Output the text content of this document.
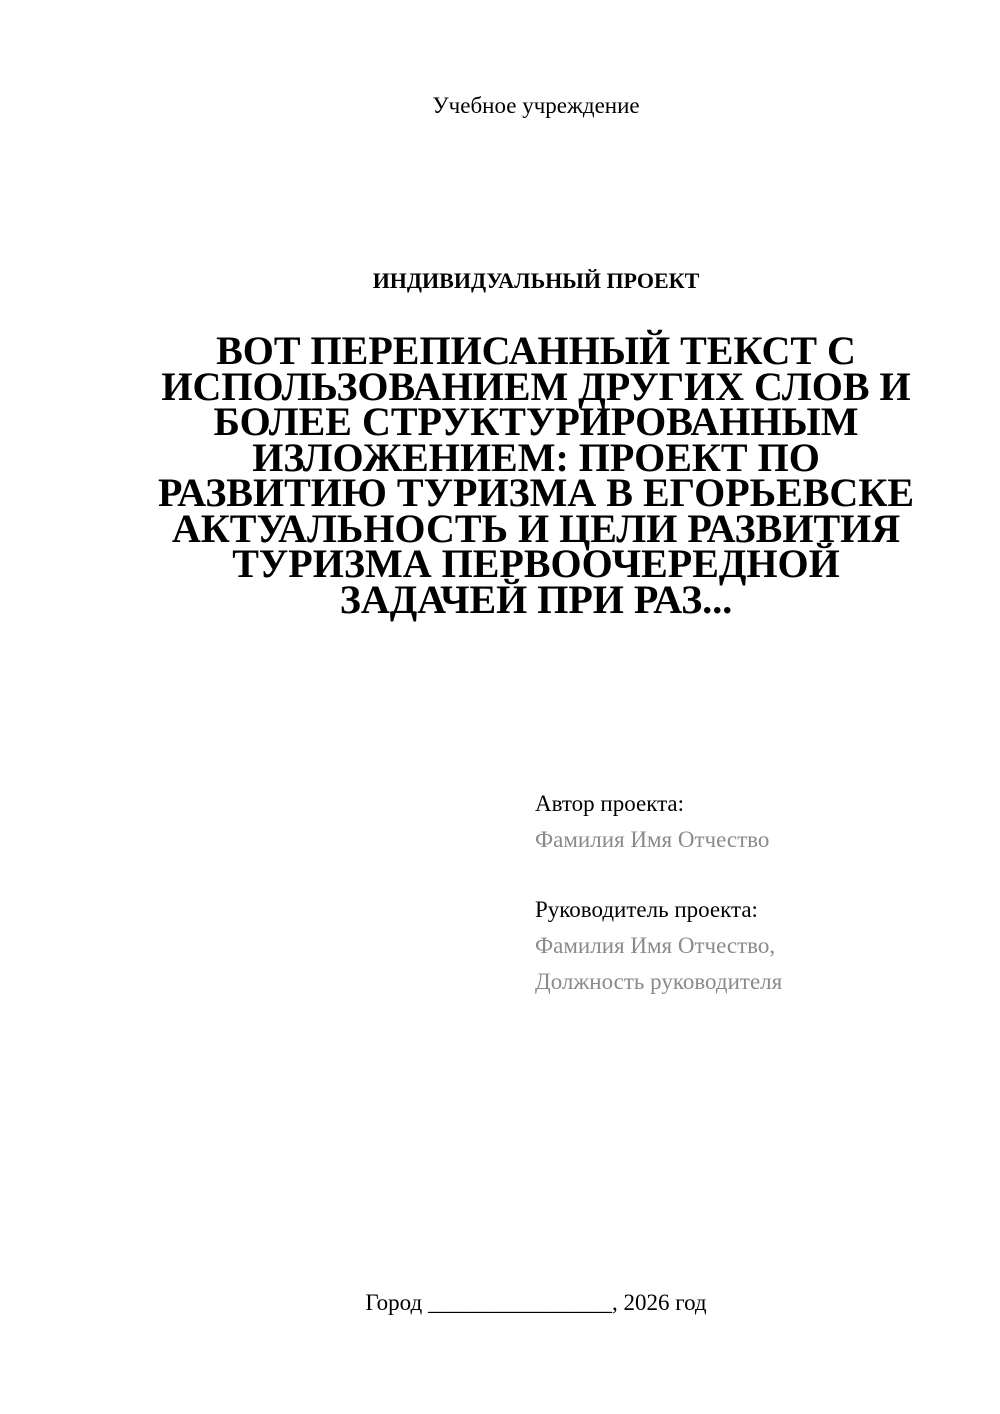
Учебное учреждение
ИНДИВИДУАЛЬНЫЙ ПРОЕКТ
ВОТ ПЕРЕПИСАННЫЙ ТЕКСТ С ИСПОЛЬЗОВАНИЕМ ДРУГИХ СЛОВ И БОЛЕЕ СТРУКТУРИРОВАННЫМ ИЗЛОЖЕНИЕМ: ПРОЕКТ ПО РАЗВИТИЮ ТУРИЗМА В ЕГОРЬЕВСКЕ АКТУАЛЬНОСТЬ И ЦЕЛИ РАЗВИТИЯ ТУРИЗМА ПЕРВООЧЕРЕДНОЙ ЗАДАЧЕЙ ПРИ РАЗ...
Автор проекта:
Фамилия Имя Отчество
Руководитель проекта:
Фамилия Имя Отчество,
Должность руководителя
Город ________________, 2026 год
